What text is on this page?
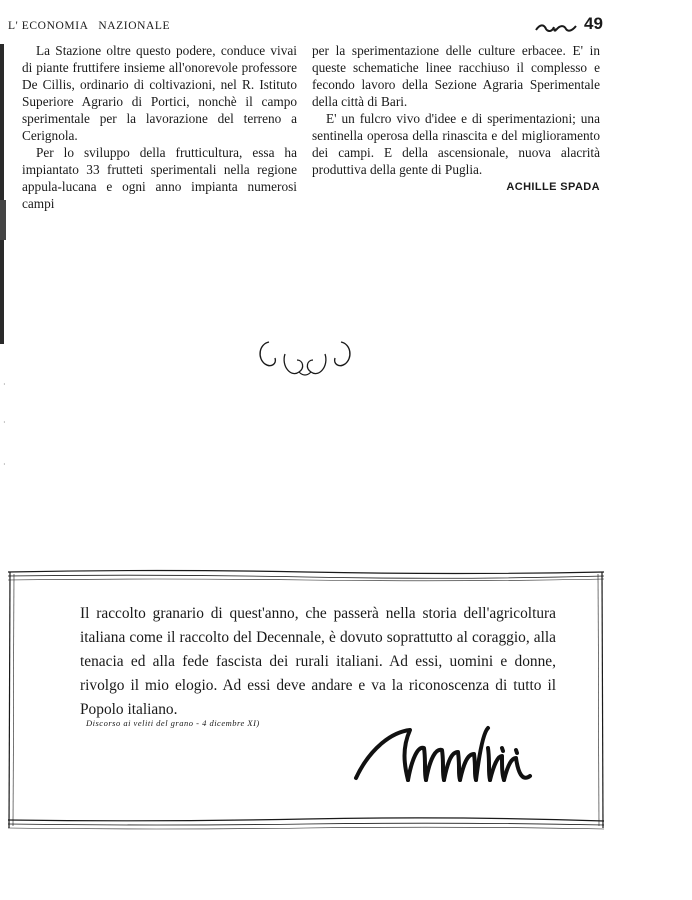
L' ECONOMIA   NAZIONALE	49

La Stazione oltre questo podere, conduce vivai di piante fruttifere insieme all'onorevole professore De Cillis, ordinario di coltivazioni, nel R. Istituto Superiore Agrario di Portici, nonchè il campo sperimentale per la lavorazione del terreno a Cerignola.

Per lo sviluppo della frutticultura, essa ha impiantato 33 frutteti sperimentali nella regione appula-lucana e ogni anno impianta numerosi campi

per la sperimentazione delle culture erbacee. E' in queste schematiche linee racchiuso il complesso e fecondo lavoro della Sezione Agraria Sperimentale della città di Bari.

E' un fulcro vivo d'idee e di sperimentazioni; una sentinella operosa della rinascita e del miglioramento dei campi. E della ascensionale, nuova alacrità produttiva della gente di Puglia.

ACHILLE SPADA
Il raccolto granario di quest'anno, che passerà nella storia dell'agricoltura italiana come il raccolto del Decennale, è dovuto soprattutto al coraggio, alla tenacia ed alla fede fascista dei rurali italiani. Ad essi, uomini e donne, rivolgo il mio elogio. Ad essi deve andare e va la riconoscenza di tutto il Popolo italiano.
Discorso ai veliti del grano - 4 dicembre XI)
·
·
·
